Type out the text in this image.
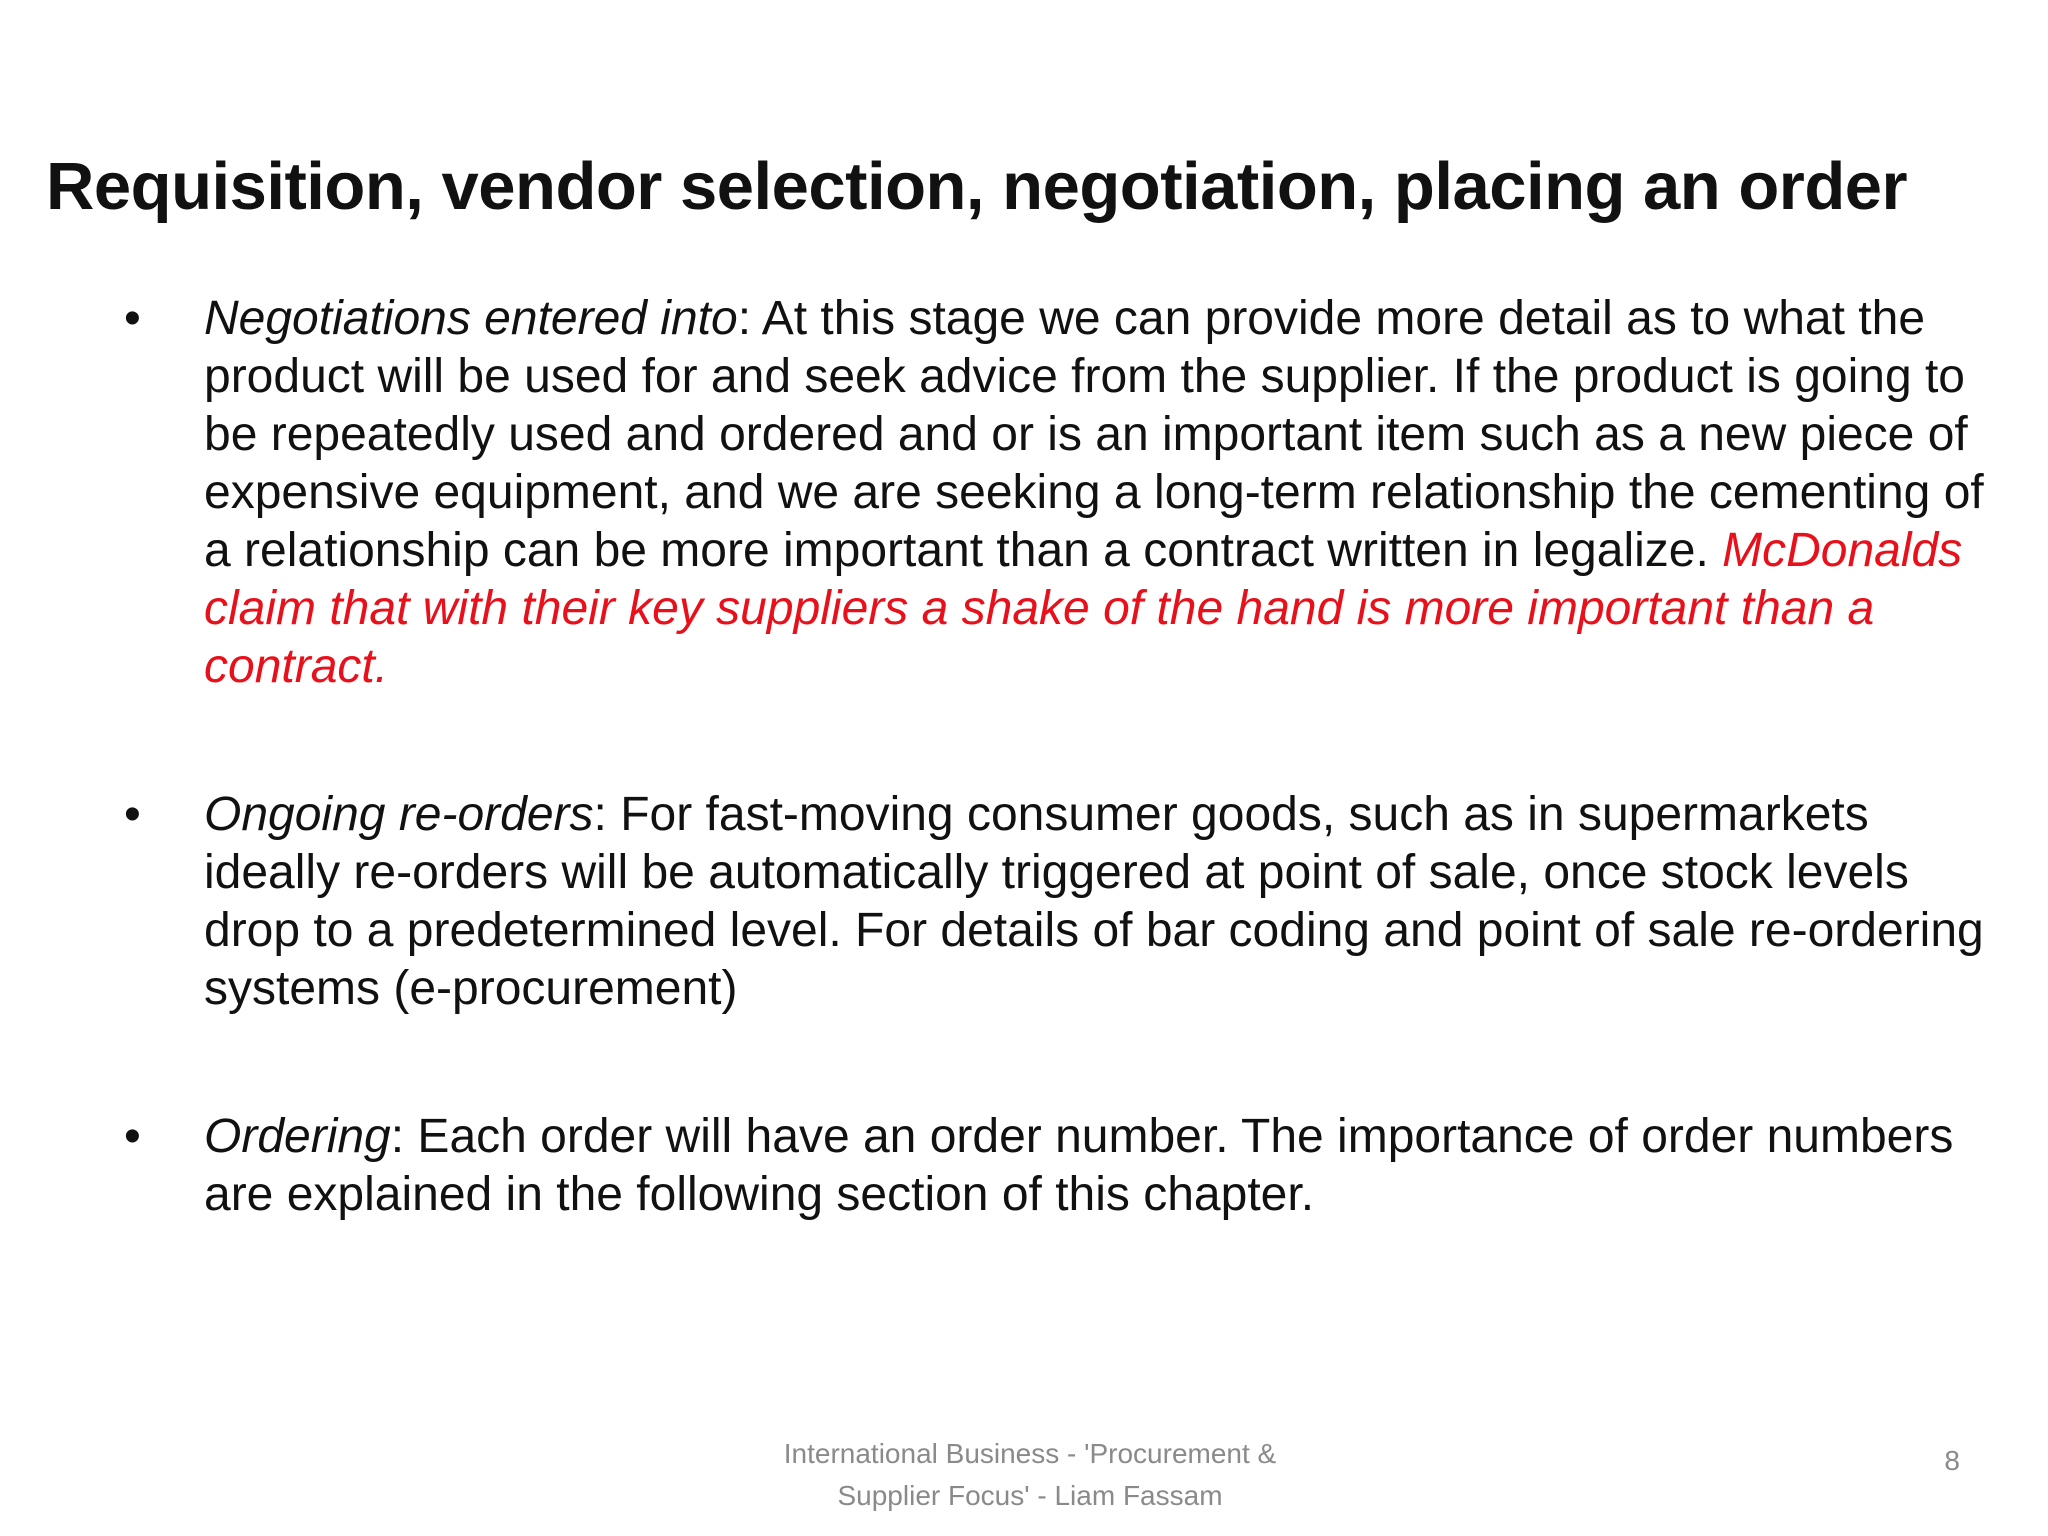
Requisition, vendor selection, negotiation, placing an order
• Negotiations entered into: At this stage we can provide more detail as to what the product will be used for and seek advice from the supplier. If the product is going to be repeatedly used and ordered and or is an important item such as a new piece of expensive equipment, and we are seeking a long-term relationship the cementing of a relationship can be more important than a contract written in legalize. McDonalds claim that with their key suppliers a shake of the hand is more important than a contract.
• Ongoing re-orders: For fast-moving consumer goods, such as in supermarkets ideally re-orders will be automatically triggered at point of sale, once stock levels drop to a predetermined level. For details of bar coding and point of sale re-ordering systems (e-procurement)
• Ordering: Each order will have an order number. The importance of order numbers are explained in the following section of this chapter.
International Business - 'Procurement &
Supplier Focus' - Liam Fassam
8
